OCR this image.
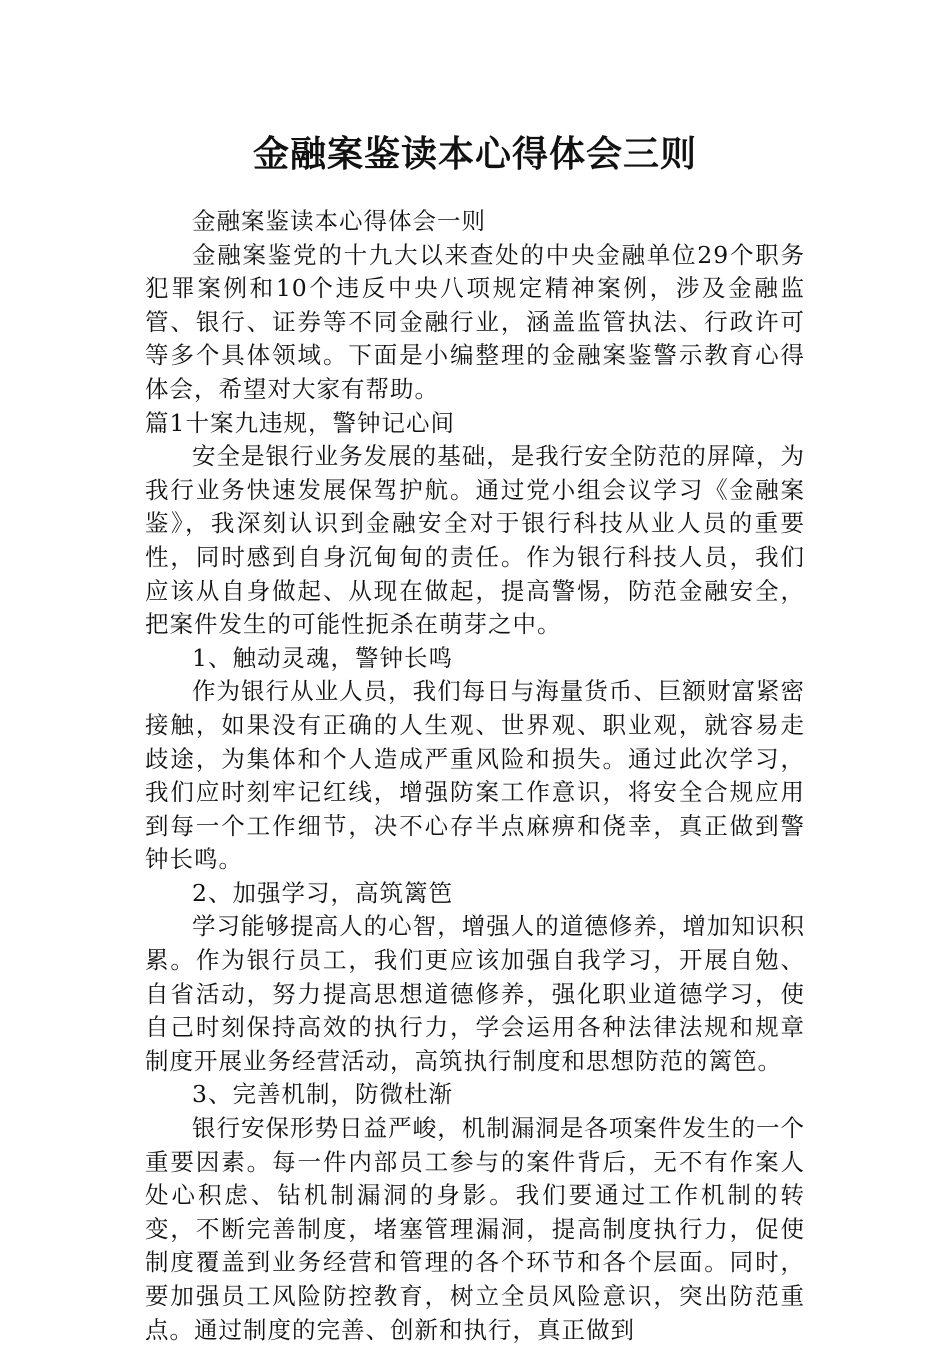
金融案鉴读本心得体会三则

金融案鉴读本心得体会一则

金融案鉴党的十九大以来查处的中央金融单位29个职务犯罪案例和10个违反中央八项规定精神案例，涉及金融监管、银行、证券等不同金融行业，涵盖监管执法、行政许可等多个具体领域。下面是小编整理的金融案鉴警示教育心得体会，希望对大家有帮助。

篇1十案九违规，警钟记心间

安全是银行业务发展的基础，是我行安全防范的屏障，为我行业务快速发展保驾护航。通过党小组会议学习《金融案鉴》，我深刻认识到金融安全对于银行科技从业人员的重要性，同时感到自身沉甸甸的责任。作为银行科技人员，我们应该从自身做起、从现在做起，提高警惕，防范金融安全，把案件发生的可能性扼杀在萌芽之中。

1、触动灵魂，警钟长鸣

作为银行从业人员，我们每日与海量货币、巨额财富紧密接触，如果没有正确的人生观、世界观、职业观，就容易走歧途，为集体和个人造成严重风险和损失。通过此次学习，我们应时刻牢记红线，增强防案工作意识，将安全合规应用到每一个工作细节，决不心存半点麻痹和侥幸，真正做到警钟长鸣。

2、加强学习，高筑篱笆

学习能够提高人的心智，增强人的道德修养，增加知识积累。作为银行员工，我们更应该加强自我学习，开展自勉、自省活动，努力提高思想道德修养，强化职业道德学习，使自己时刻保持高效的执行力，学会运用各种法律法规和规章制度开展业务经营活动，高筑执行制度和思想防范的篱笆。

3、完善机制，防微杜渐

银行安保形势日益严峻，机制漏洞是各项案件发生的一个重要因素。每一件内部员工参与的案件背后，无不有作案人处心积虑、钻机制漏洞的身影。我们要通过工作机制的转变，不断完善制度，堵塞管理漏洞，提高制度执行力，促使制度覆盖到业务经营和管理的各个环节和各个层面。同时，要加强员工风险防控教育，树立全员风险意识，突出防范重点。通过制度的完善、创新和执行，真正做到
